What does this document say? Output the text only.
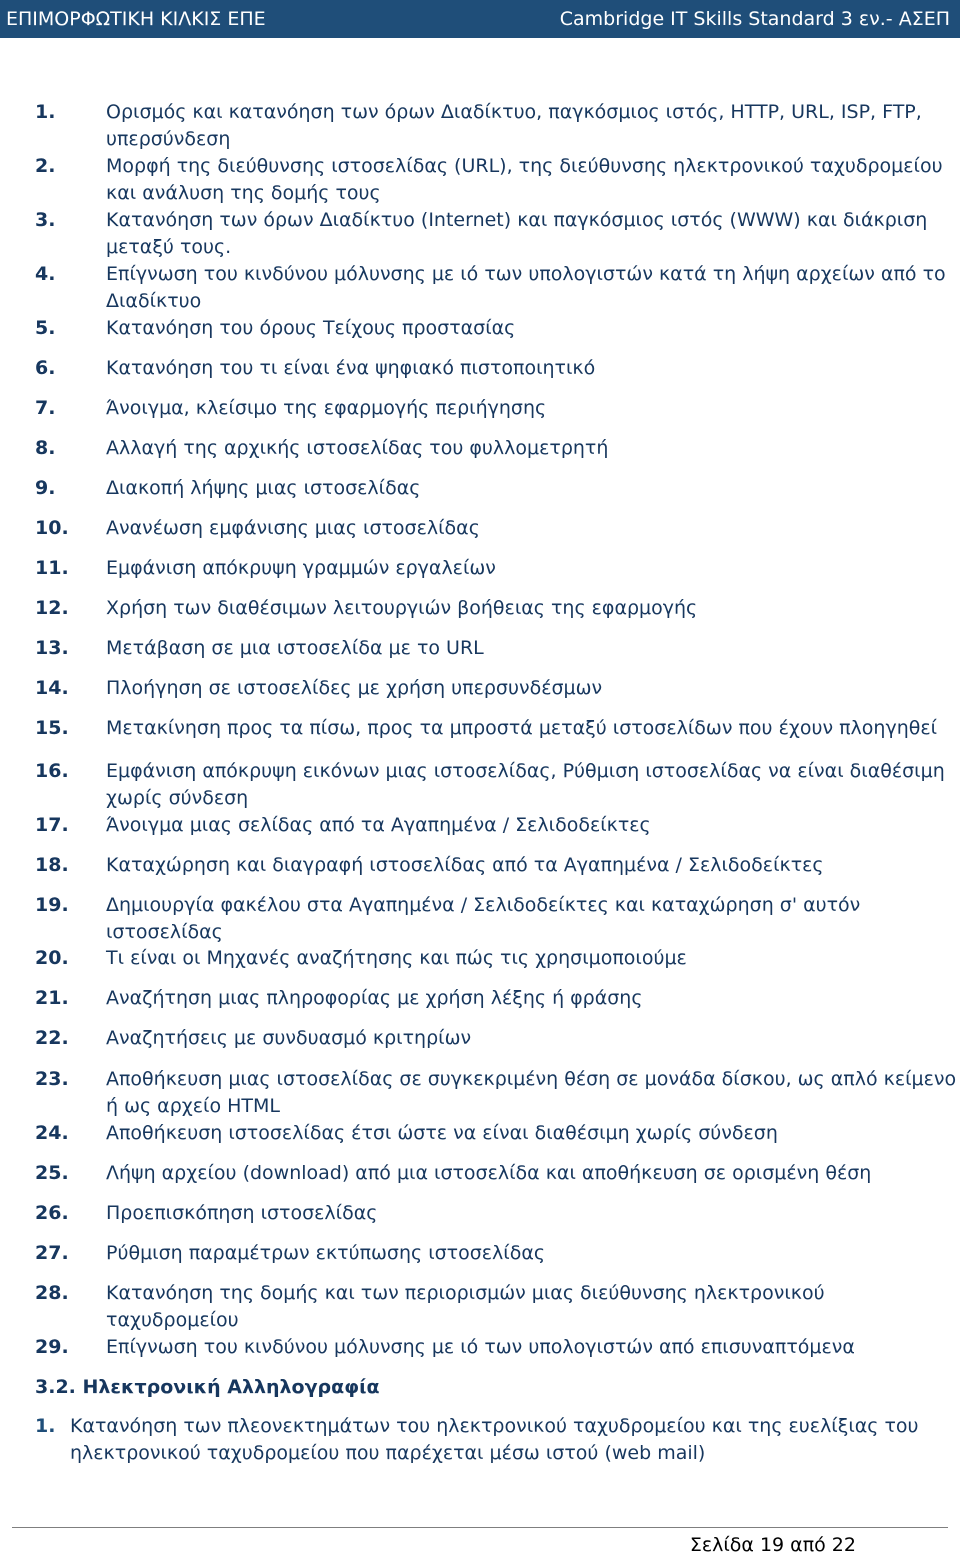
ΕΠΙΜΟΡΦΩΤΙΚΗ ΚΙΛΚΙΣ ΕΠΕ	Cambridge IT Skills Standard 3 εν.- ΑΣΕΠ
1.	Ορισμός και κατανόηση των όρων Διαδίκτυο, παγκόσμιος ιστός, HTTP, URL, ISP, FTP, υπερσύνδεση
2.	Μορφή της διεύθυνσης ιστοσελίδας (URL), της διεύθυνσης ηλεκτρονικού ταχυδρομείου και ανάλυση της δομής τους
3.	Κατανόηση των όρων Διαδίκτυο (Internet) και παγκόσμιος ιστός (WWW) και διάκριση μεταξύ τους.
4.	Επίγνωση του κινδύνου μόλυνσης με ιό των υπολογιστών κατά τη λήψη αρχείων από το Διαδίκτυο
5.	Κατανόηση του όρους Τείχους προστασίας
6.	Κατανόηση του τι είναι ένα ψηφιακό πιστοποιητικό
7.	Άνοιγμα, κλείσιμο της εφαρμογής περιήγησης
8.	Αλλαγή της αρχικής ιστοσελίδας του φυλλομετρητή
9.	Διακοπή λήψης μιας ιστοσελίδας
10. Ανανέωση εμφάνισης μιας ιστοσελίδας
11. Εμφάνιση απόκρυψη γραμμών εργαλείων
12. Χρήση των διαθέσιμων λειτουργιών βοήθειας της εφαρμογής
13. Μετάβαση σε μια ιστοσελίδα με το URL
14. Πλοήγηση σε ιστοσελίδες με χρήση υπερσυνδέσμων
15. Μετακίνηση προς τα πίσω, προς τα μπροστά μεταξύ ιστοσελίδων που έχουν πλοηγηθεί
16. Εμφάνιση απόκρυψη εικόνων μιας ιστοσελίδας, Ρύθμιση ιστοσελίδας να είναι διαθέσιμη χωρίς σύνδεση
17. Άνοιγμα μιας σελίδας από τα Αγαπημένα / Σελιδοδείκτες
18. Καταχώρηση και διαγραφή ιστοσελίδας από τα Αγαπημένα / Σελιδοδείκτες
19. Δημιουργία φακέλου στα Αγαπημένα / Σελιδοδείκτες και καταχώρηση σ' αυτόν ιστοσελίδας
20. Τι είναι οι Μηχανές αναζήτησης και πώς τις χρησιμοποιούμε
21. Αναζήτηση μιας πληροφορίας με χρήση λέξης ή φράσης
22. Αναζητήσεις με συνδυασμό κριτηρίων
23. Αποθήκευση μιας ιστοσελίδας σε συγκεκριμένη θέση σε μονάδα δίσκου, ως απλό κείμενο ή ως αρχείο HTML
24. Αποθήκευση ιστοσελίδας έτσι ώστε να είναι διαθέσιμη χωρίς σύνδεση
25. Λήψη αρχείου (download) από μια ιστοσελίδα και αποθήκευση σε ορισμένη θέση
26. Προεπισκόπηση ιστοσελίδας
27. Ρύθμιση παραμέτρων εκτύπωσης ιστοσελίδας
28. Κατανόηση της δομής και των περιορισμών μιας διεύθυνσης ηλεκτρονικού ταχυδρομείου
29. Επίγνωση του κινδύνου μόλυνσης με ιό των υπολογιστών από επισυναπτόμενα
3.2. Ηλεκτρονική Αλληλογραφία
1. Κατανόηση των πλεονεκτημάτων του ηλεκτρονικού ταχυδρομείου και της ευελίξιας του ηλεκτρονικού ταχυδρομείου που παρέχεται μέσω ιστού (web mail)
Σελίδα 19 από 22
